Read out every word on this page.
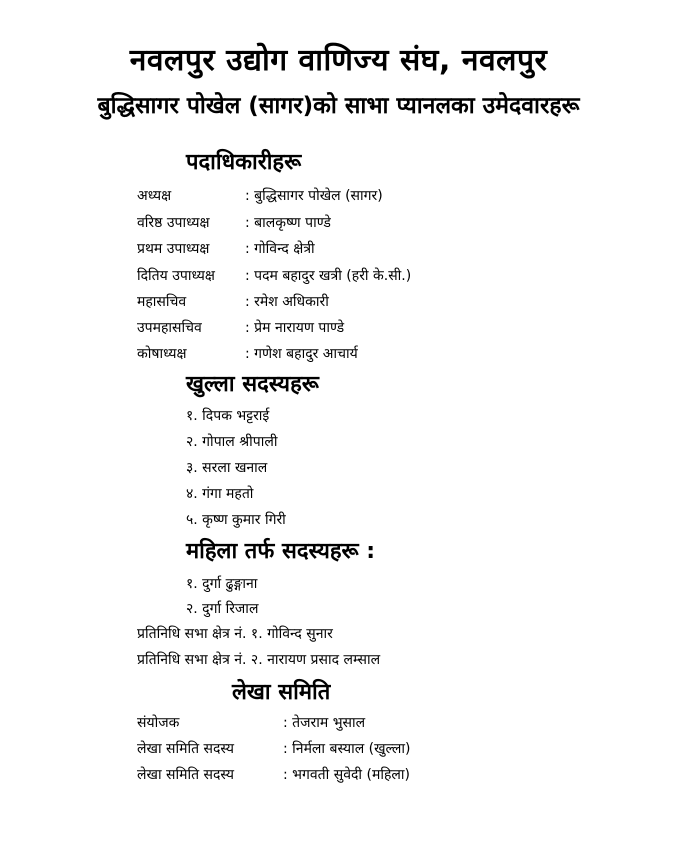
नवलपुर उद्योग वाणिज्य संघ, नवलपुर
बुद्धिसागर पोखेल (सागर)को साभा प्यानलका उमेदवारहरू
पदाधिकारीहरू
अध्यक्ष	: बुद्धिसागर पोखेल (सागर)
वरिष्ठ उपाध्यक्ष	: बालकृष्ण पाण्डे
प्रथम उपाध्यक्ष	: गोविन्द क्षेत्री
दितिय उपाध्यक्ष : पदम बहादुर खत्री (हरी के.सी.)
महासचिव	: रमेश अधिकारी
उपमहासचिव	: प्रेम नारायण पाण्डे
कोषाध्यक्ष	: गणेश बहादुर आचार्य
खुल्ला सदस्यहरू
१. दिपक भट्टराई
२. गोपाल श्रीपाली
३. सरला खनाल
४. गंगा महतो
५. कृष्ण कुमार गिरी
महिला तर्फ सदस्यहरू :
१. दुर्गा ढुङ्गाना
२. दुर्गा रिजाल
प्रतिनिधि सभा क्षेत्र नं. १. गोविन्द सुनार
प्रतिनिधि सभा क्षेत्र नं. २. नारायण प्रसाद लम्साल
लेखा समिति
संयोजक	: तेजराम भुसाल
लेखा समिति सदस्य	: निर्मला बस्याल (खुल्ला)
लेखा समिति सदस्य	: भगवती सुवेदी (महिला)
